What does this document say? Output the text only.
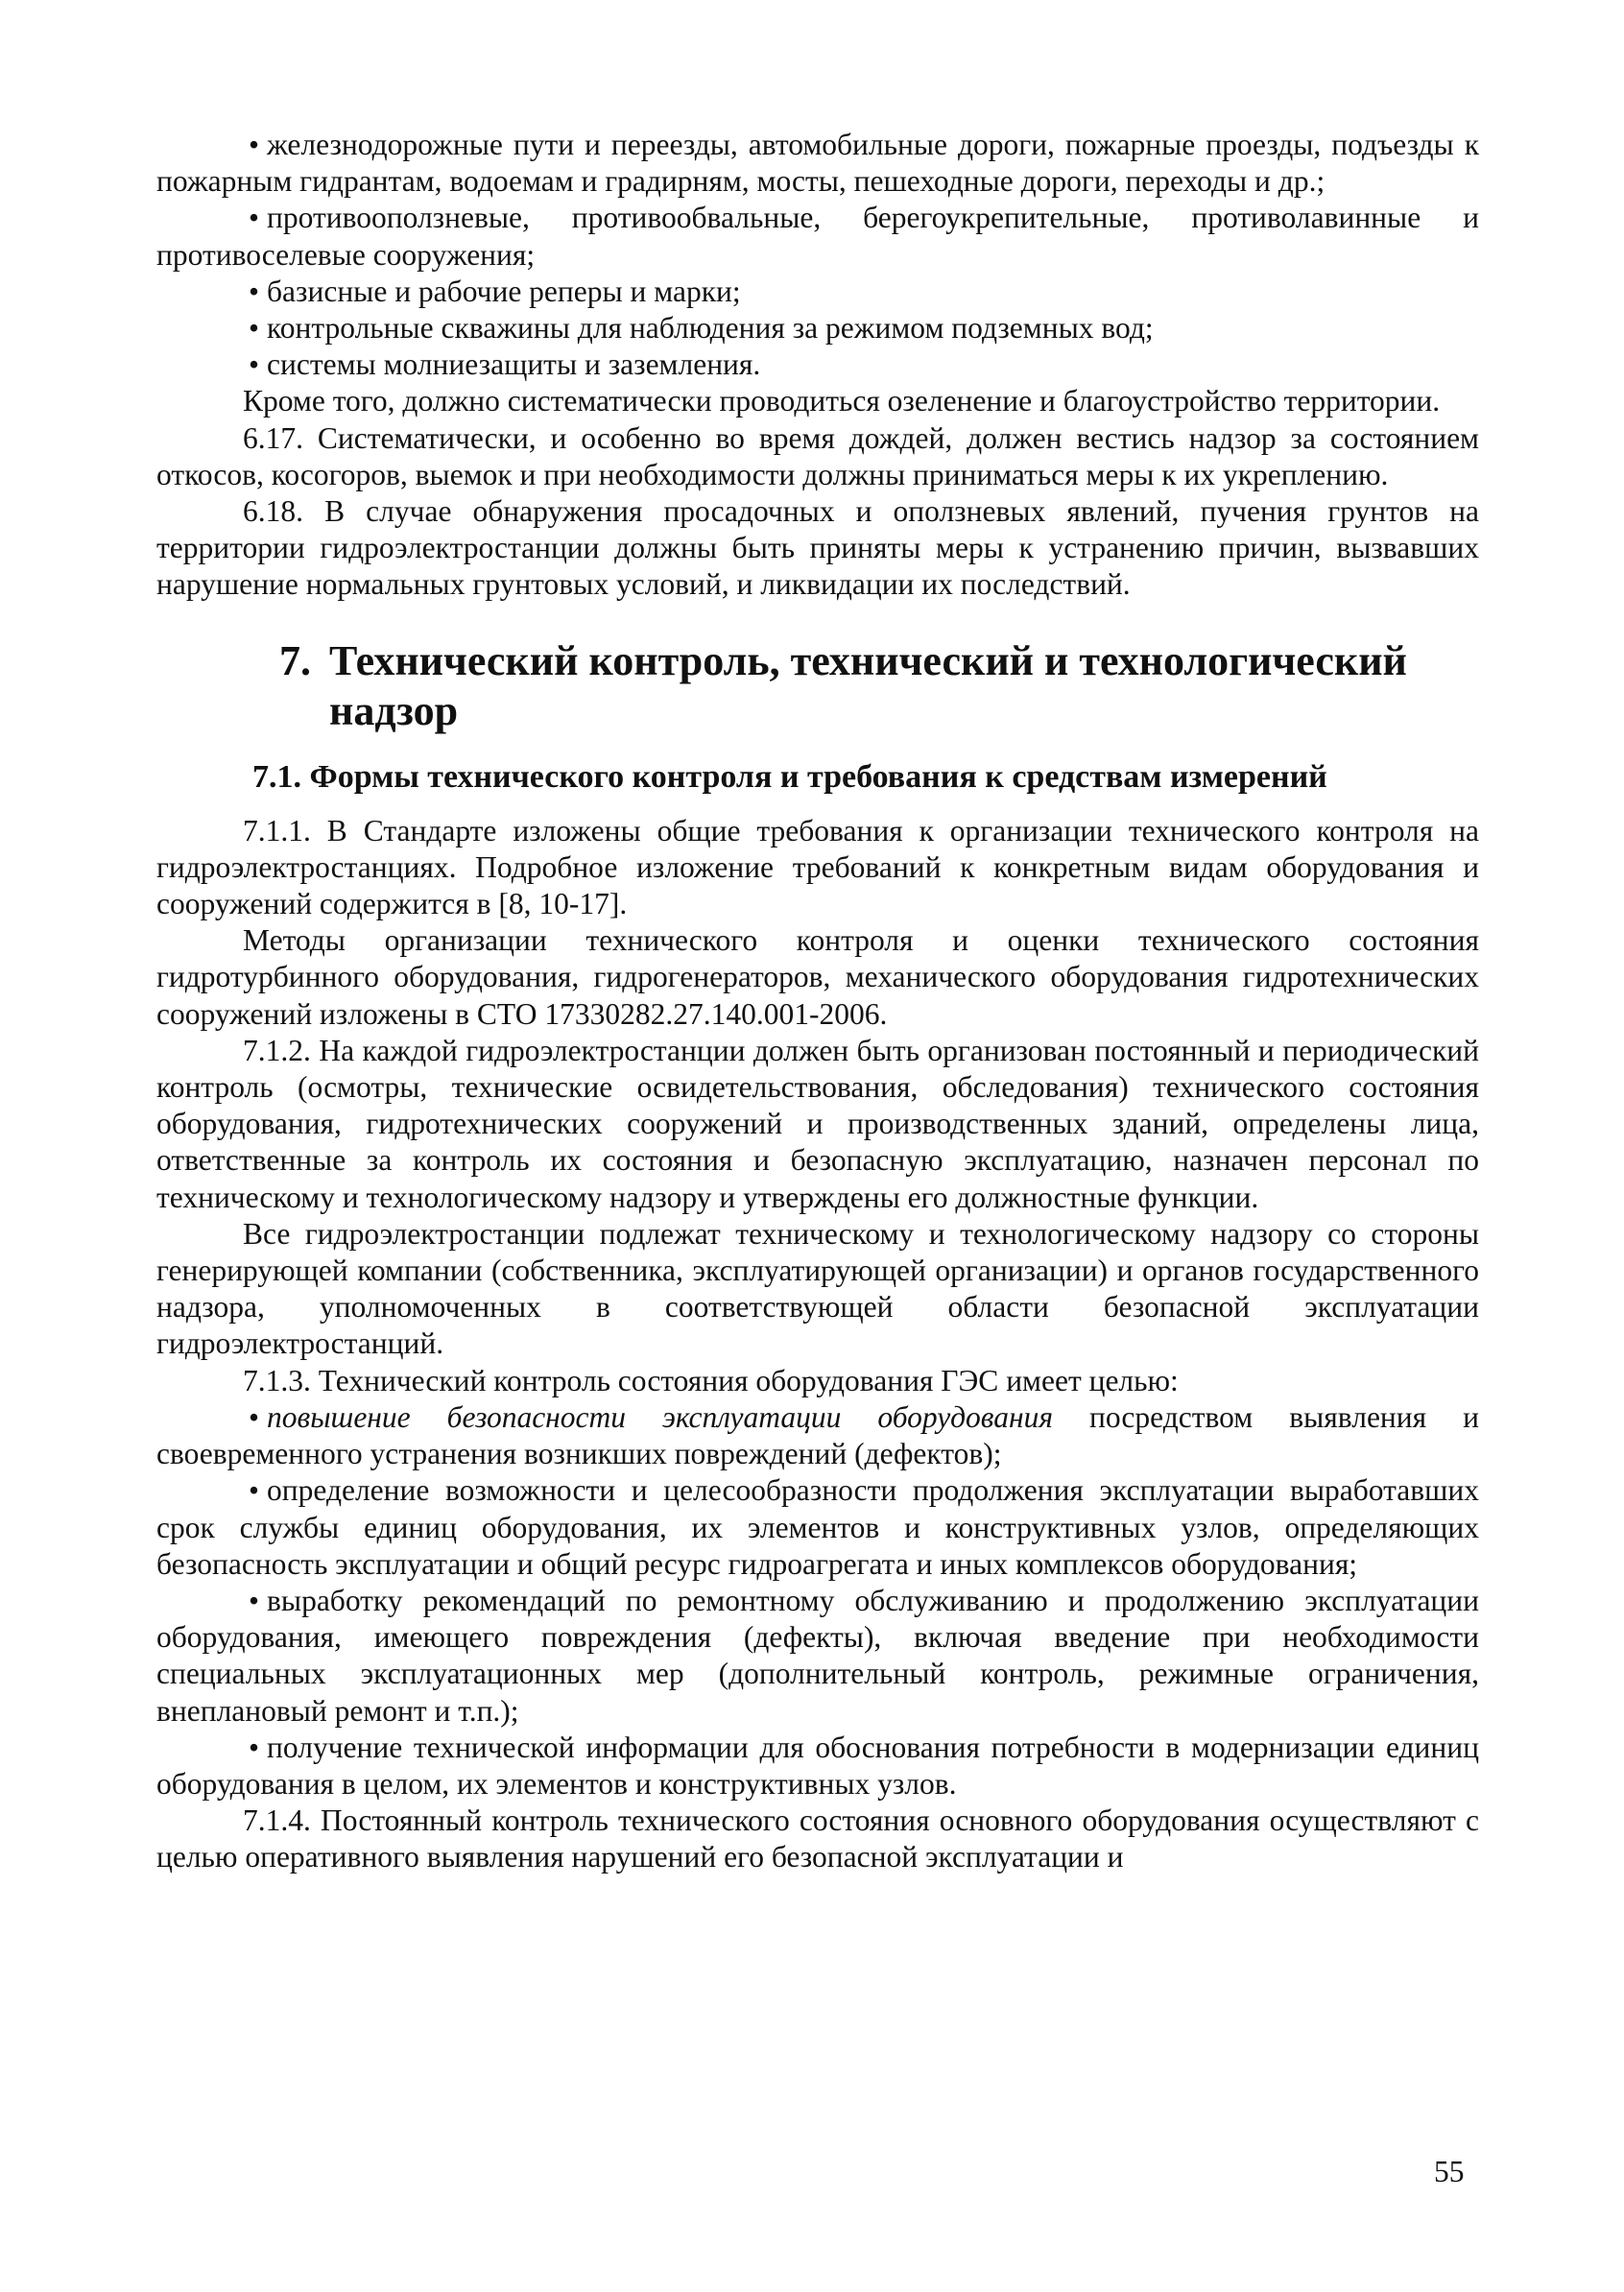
• железнодорожные пути и переезды, автомобильные дороги, пожарные проезды, подъезды к пожарным гидрантам, водоемам и градирням, мосты, пешеходные дороги, переходы и др.;

• противооползневые, противообвальные, берегоукрепительные, противолавинные и противоселевые сооружения;

• базисные и рабочие реперы и марки;

• контрольные скважины для наблюдения за режимом подземных вод;

• системы молниезащиты и заземления.

Кроме того, должно систематически проводиться озеленение и благоустройство территории.

6.17. Систематически, и особенно во время дождей, должен вестись надзор за состоянием откосов, косогоров, выемок и при необходимости должны приниматься меры к их укреплению.

6.18. В случае обнаружения просадочных и оползневых явлений, пучения грунтов на территории гидроэлектростанции должны быть приняты меры к устранению причин, вызвавших нарушение нормальных грунтовых условий, и ликвидации их последствий.

7. Технический контроль, технический и технологический
надзор
7.1. Формы технического контроля и требования к средствам измерений

7.1.1. В Стандарте изложены общие требования к организации технического контроля на гидроэлектростанциях. Подробное изложение требований к конкретным видам оборудования и сооружений содержится в [8, 10-17].

Методы организации технического контроля и оценки технического состояния гидротурбинного оборудования, гидрогенераторов, механического оборудования гидротехнических сооружений изложены в СТО 17330282.27.140.001-2006.

7.1.2. На каждой гидроэлектростанции должен быть организован постоянный и периодический контроль (осмотры, технические освидетельствования, обследования) технического состояния оборудования, гидротехнических сооружений и производственных зданий, определены лица, ответственные за контроль их состояния и безопасную эксплуатацию, назначен персонал по техническому и технологическому надзору и утверждены его должностные функции.

Все гидроэлектростанции подлежат техническому и технологическому надзору со стороны генерирующей компании (собственника, эксплуатирующей организации) и органов государственного надзора, уполномоченных в соответствующей области безопасной эксплуатации гидроэлектростанций.

7.1.3. Технический контроль состояния оборудования ГЭС имеет целью:

• повышение безопасности эксплуатации оборудования посредством выявления и своевременного устранения возникших повреждений (дефектов);

• определение возможности и целесообразности продолжения эксплуатации выработавших срок службы единиц оборудования, их элементов и конструктивных узлов, определяющих безопасность эксплуатации и общий ресурс гидроагрегата и иных комплексов оборудования;

• выработку рекомендаций по ремонтному обслуживанию и продолжению эксплуатации оборудования, имеющего повреждения (дефекты), включая введение при необходимости специальных эксплуатационных мер (дополнительный контроль, режимные ограничения, внеплановый ремонт и т.п.);

• получение технической информации для обоснования потребности в модернизации единиц оборудования в целом, их элементов и конструктивных узлов.

7.1.4. Постоянный контроль технического состояния основного оборудования осуществляют с целью оперативного выявления нарушений его безопасной эксплуатации и

55
